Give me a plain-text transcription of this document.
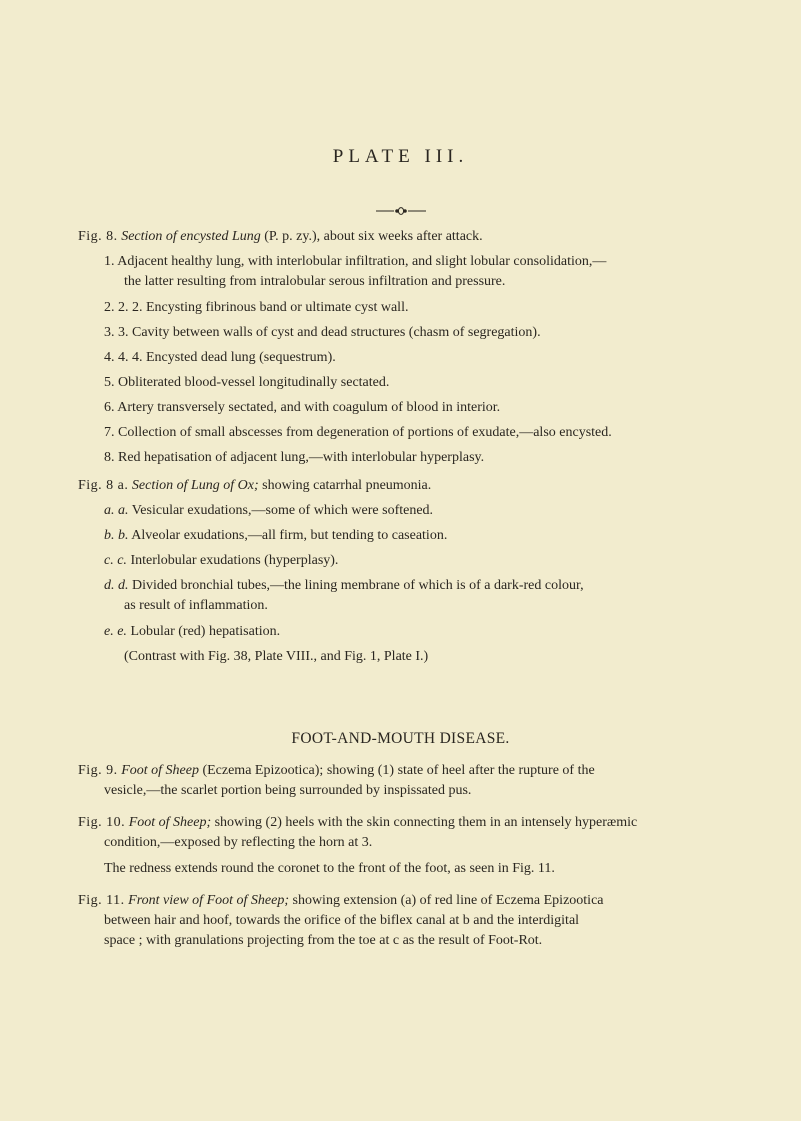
PLATE III.

Fig. 8. Section of encysted Lung (P. p. zy.), about six weeks after attack.

1. Adjacent healthy lung, with interlobular infiltration, and slight lobular consolidation,—

the latter resulting from intralobular serous infiltration and pressure.

2. 2. 2. Encysting fibrinous band or ultimate cyst wall.

3. 3. Cavity between walls of cyst and dead structures (chasm of segregation).

4. 4. 4. Encysted dead lung (sequestrum).

5. Obliterated blood-vessel longitudinally sectated.

6. Artery transversely sectated, and with coagulum of blood in interior.

7. Collection of small abscesses from degeneration of portions of exudate,—also encysted.

8. Red hepatisation of adjacent lung,—with interlobular hyperplasy.

Fig. 8 a. Section of Lung of Ox; showing catarrhal pneumonia.

a. a. Vesicular exudations,—some of which were softened.

b. b. Alveolar exudations,—all firm, but tending to caseation.

c. c. Interlobular exudations (hyperplasy).

d. d. Divided bronchial tubes,—the lining membrane of which is of a dark-red colour,

as result of inflammation.

e. e. Lobular (red) hepatisation.

(Contrast with Fig. 38, Plate VIII., and Fig. 1, Plate I.)

FOOT-AND-MOUTH DISEASE.

Fig. 9. Foot of Sheep (Eczema Epizootica); showing (1) state of heel after the rupture of the

vesicle,—the scarlet portion being surrounded by inspissated pus.

Fig. 10. Foot of Sheep; showing (2) heels with the skin connecting them in an intensely hyperæmic

condition,—exposed by reflecting the horn at 3.

The redness extends round the coronet to the front of the foot, as seen in Fig. 11.

Fig. 11. Front view of Foot of Sheep; showing extension (a) of red line of Eczema Epizootica

between hair and hoof, towards the orifice of the biflex canal at b and the interdigital

space ; with granulations projecting from the toe at c as the result of Foot-Rot.
